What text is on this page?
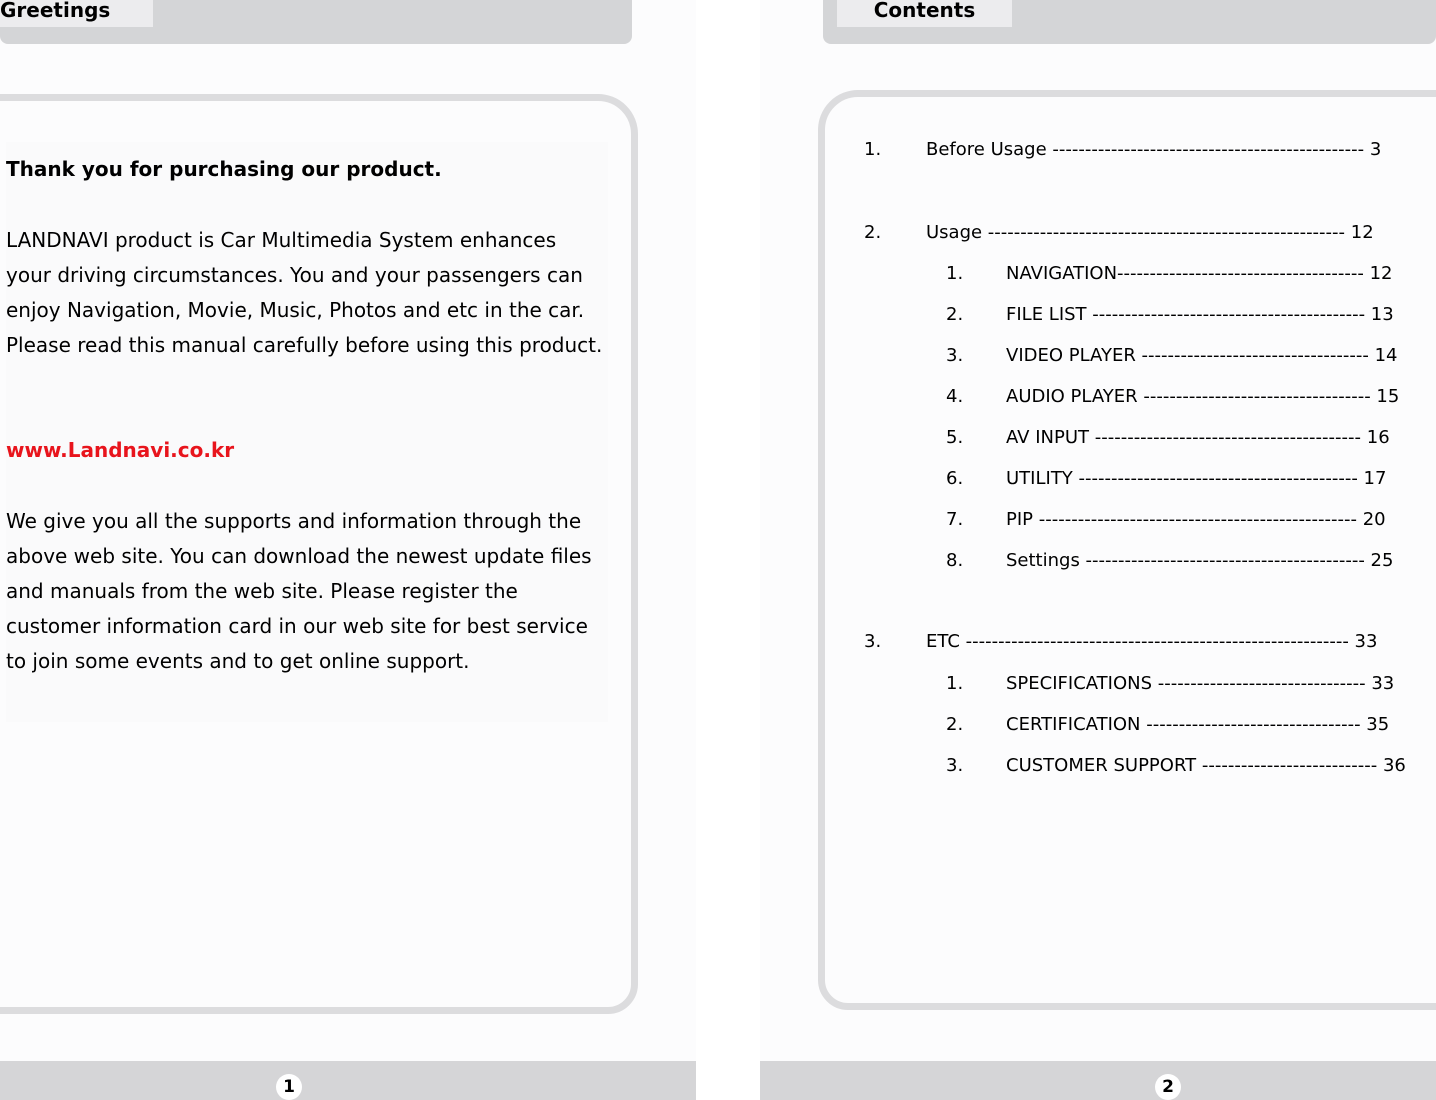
Greetings

Thank you for purchasing our product.

LANDNAVI product is Car Multimedia System enhances

your driving circumstances. You and your passengers can

enjoy Navigation, Movie, Music, Photos and etc in the car.

Please read this manual carefully before using this product.

www.Landnavi.co.kr

We give you all the supports and information through the

above web site. You can download the newest update files

and manuals from the web site. Please register the

customer information card in our web site for best service

to join some events and to get online support.

1
Contents
1. Before Usage ------------------------------------------------ 3
2. Usage ------------------------------------------------------- 12
1. NAVIGATION-------------------------------------- 12
2. FILE LIST ------------------------------------------ 13
3. VIDEO PLAYER ----------------------------------- 14
4. AUDIO PLAYER ----------------------------------- 15
5. AV INPUT ----------------------------------------- 16
6. UTILITY ------------------------------------------- 17
7. PIP ------------------------------------------------- 20
8. Settings ------------------------------------------- 25
3. ETC ----------------------------------------------------------- 33
1. SPECIFICATIONS -------------------------------- 33
2. CERTIFICATION --------------------------------- 35
3. CUSTOMER SUPPORT --------------------------- 36
2
